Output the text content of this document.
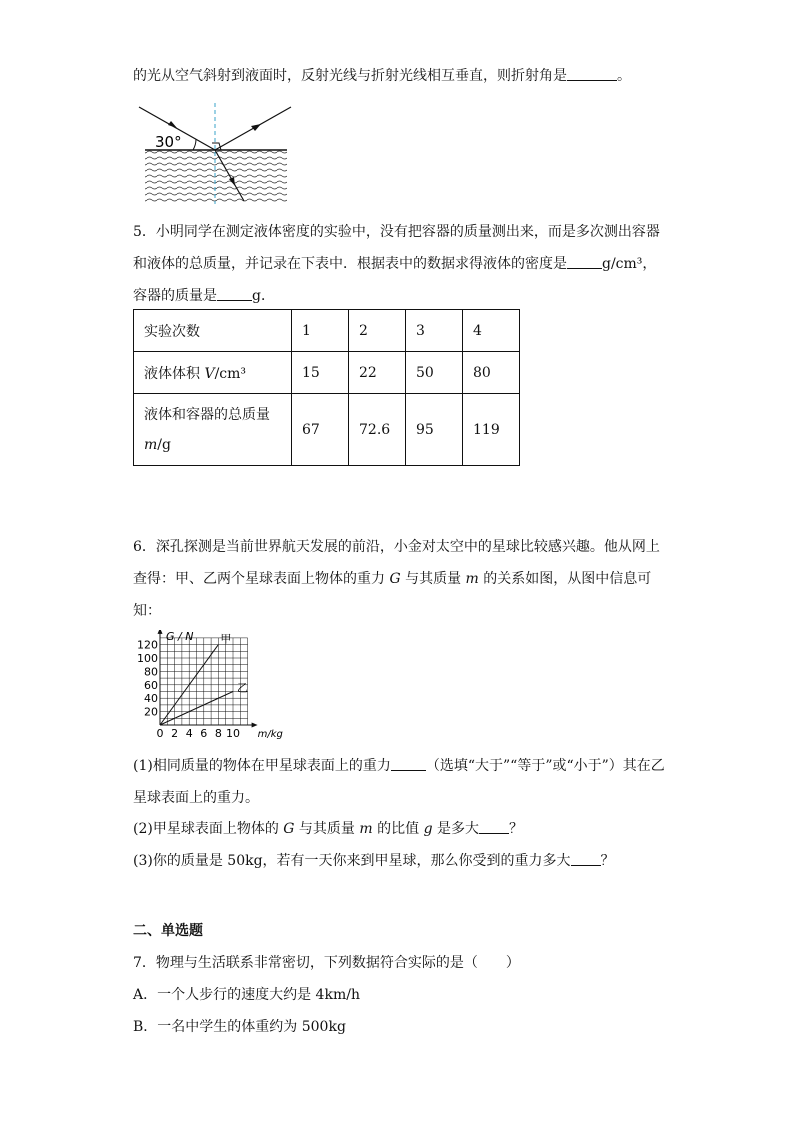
的光从空气斜射到液面时，反射光线与折射光线相互垂直，则折射角是	。
30°
5．小明同学在测定液体密度的实验中，没有把容器的质量测出来，而是多次测出容器
和液体的总质量，并记录在下表中．根据表中的数据求得液体的密度是	g/cm³，
容器的质量是	g．
实验次数	1	2	3	4
液体体积 V/cm³	15	22	50	80
液体和容器的总质量
m/g	67	72.6	95	119
6．深孔探测是当前世界航天发展的前沿，小金对太空中的星球比较感兴趣。他从网上
查得：甲、乙两个星球表面上物体的重力 G 与其质量 m 的关系如图，从图中信息可
知：
0 2 4 6 8 10
20
40
60
80
100
120	甲
乙
G / N
m/kg
(1)相同质量的物体在甲星球表面上的重力	（选填“大于”“等于”或“小于”）其在乙
星球表面上的重力。
(2)甲星球表面上物体的 G 与其质量 m 的比值 g 是多大 ？
(3)你的质量是 50kg，若有一天你来到甲星球，那么你受到的重力多大 ？
二、单选题
7．物理与生活联系非常密切，下列数据符合实际的是（　　）
A．一个人步行的速度大约是 4km/h
B．一名中学生的体重约为 500kg
